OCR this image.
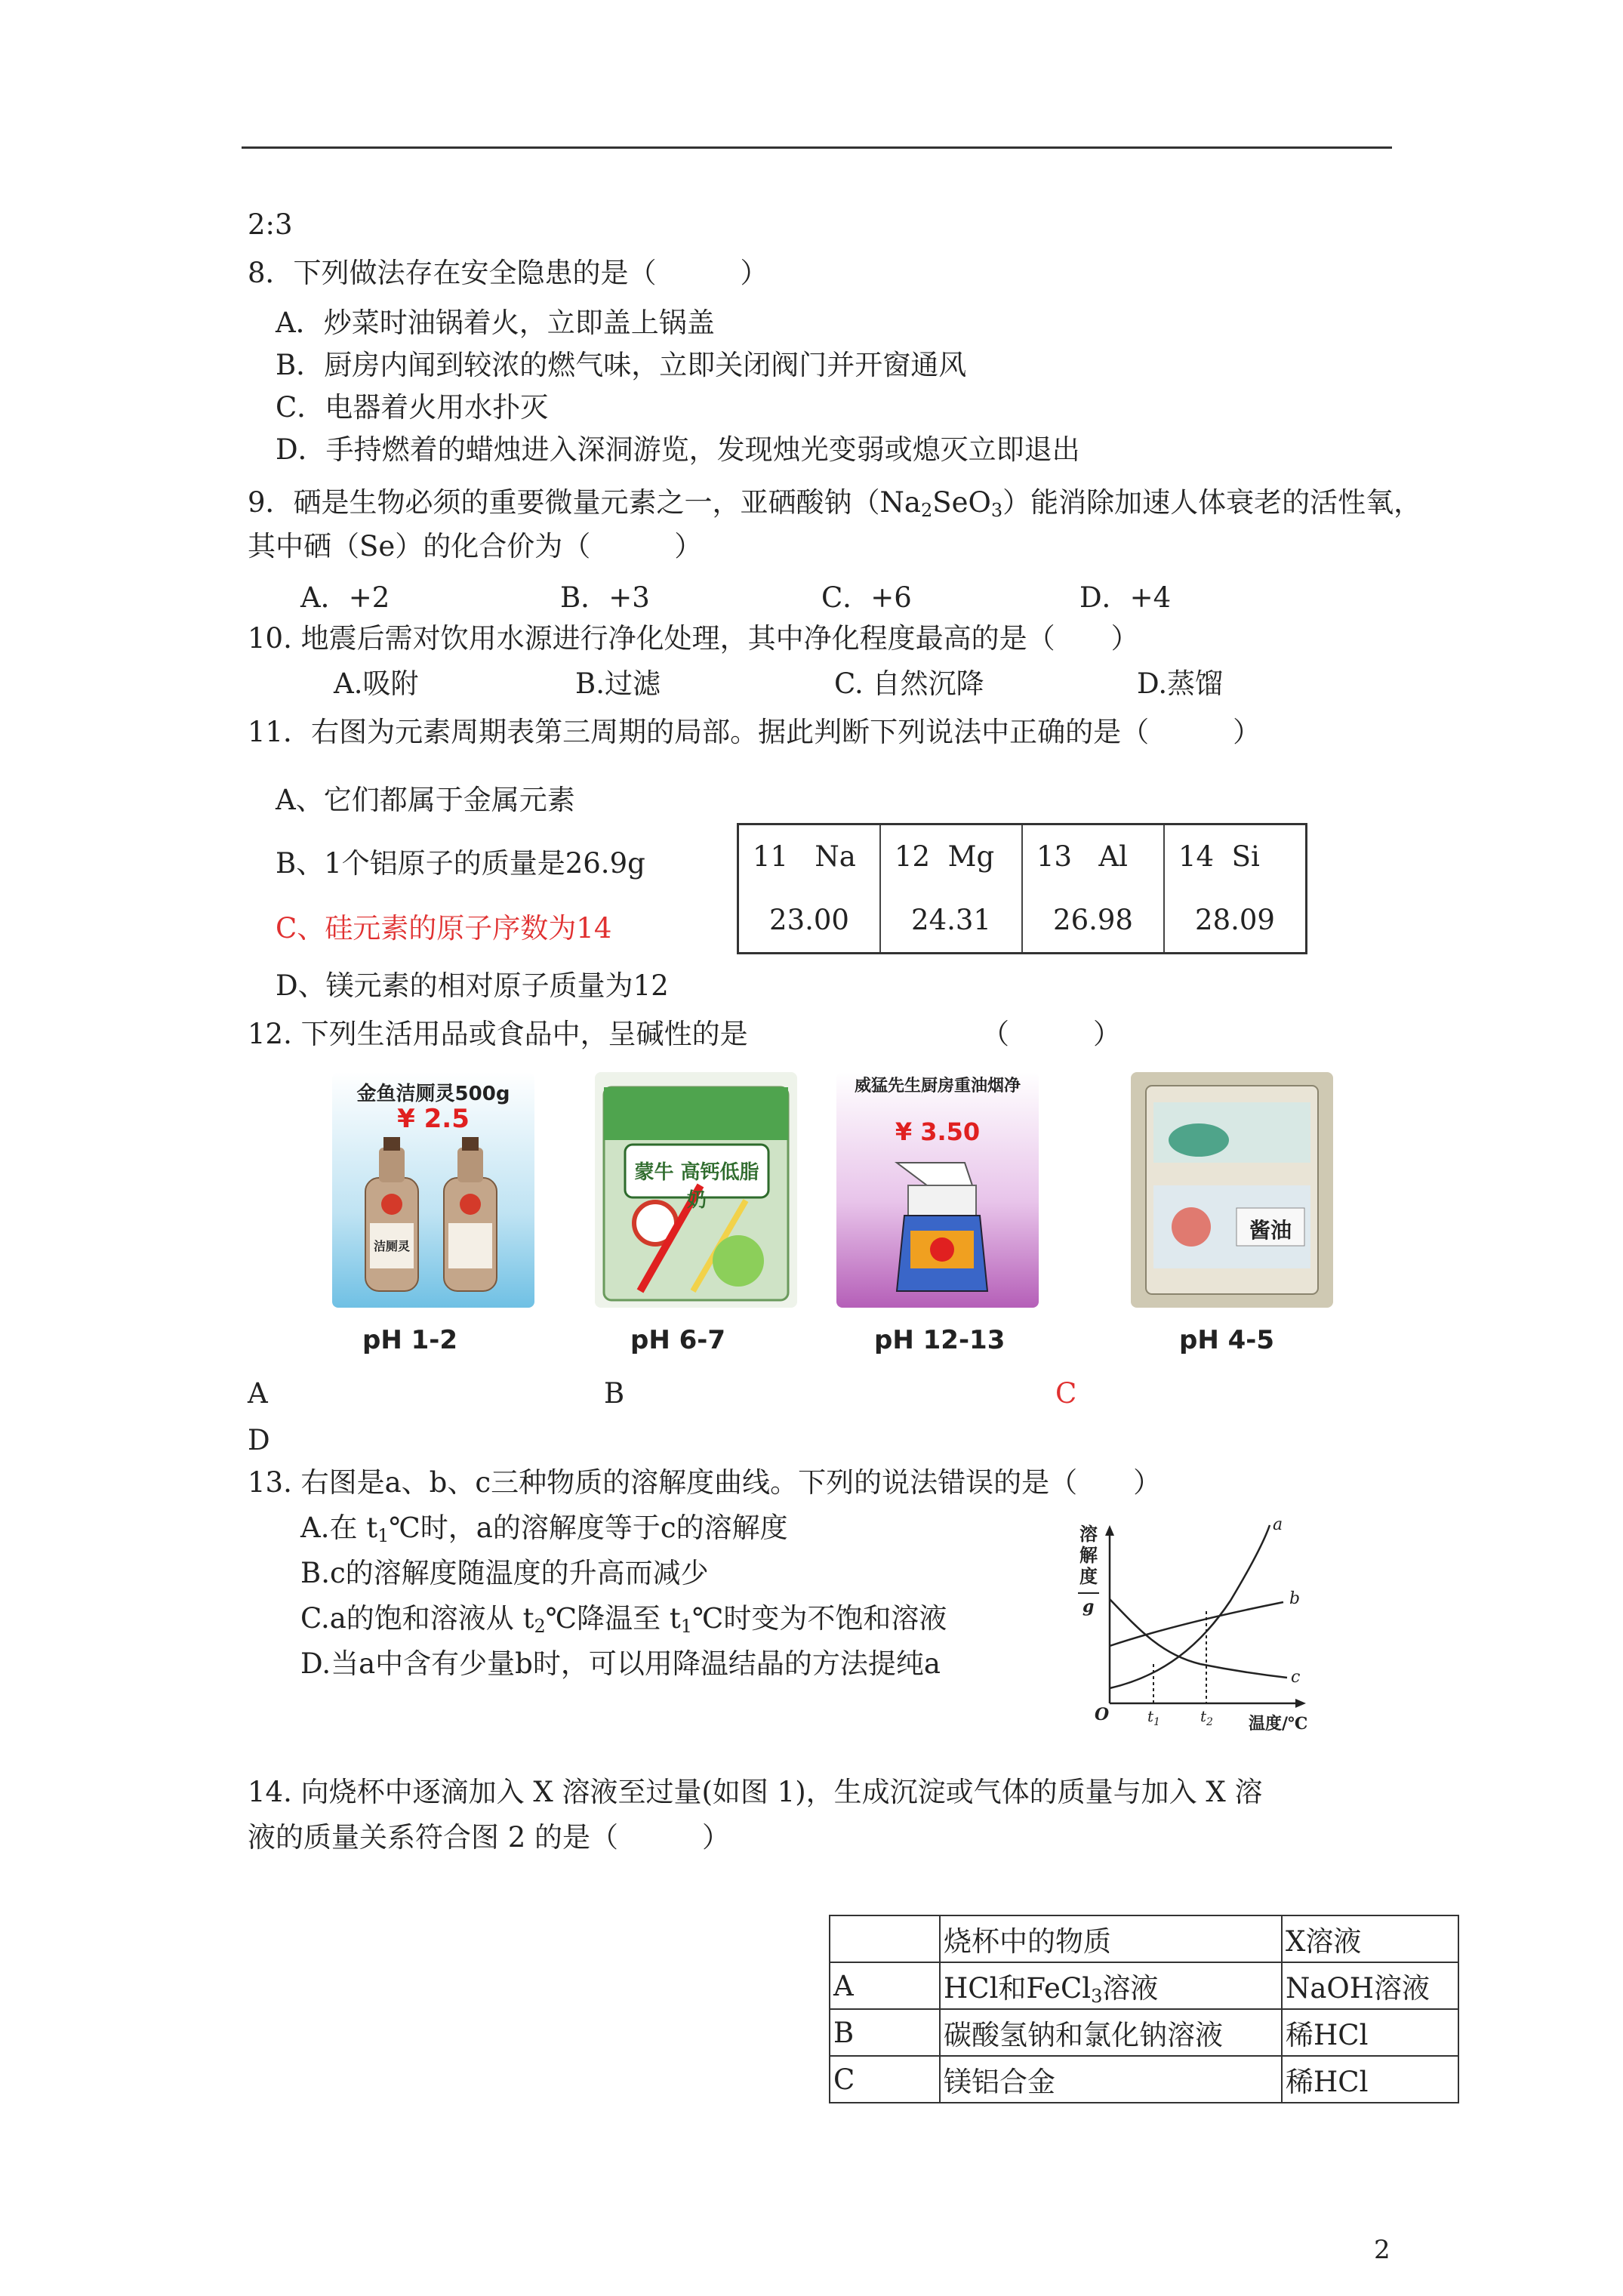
2:3
8．下列做法存在安全隐患的是（　　　）
A．炒菜时油锅着火，立即盖上锅盖
B．厨房内闻到较浓的燃气味，立即关闭阀门并开窗通风
C．电器着火用水扑灭
D．手持燃着的蜡烛进入深洞游览，发现烛光变弱或熄灭立即退出
9．硒是生物必须的重要微量元素之一，亚硒酸钠$(Na_2SeO_3)$能消除加速人体衰老的活性氧，
其中硒（Se）的化合价为（　　　）
A．+2	B．+3	C．+6	D．+4
10. 地震后需对饮用水源进行净化处理，其中净化程度最高的是（　　）
A.吸附	B.过滤	C. 自然沉降	D.蒸馏
11．右图为元素周期表第三周期的局部。据此判断下列说法中正确的是（　　　）
A、它们都属于金属元素
B、1个铝原子的质量是26.9g
C、硅元素的原子序数为14
D、镁元素的相对原子质量为12
11 Na
23.00
12 Mg
24.31
13 Al
26.98
14 Si
28.09
12. 下列生活用品或食品中，呈碱性的是	（　　　）
金鱼洁厕灵500g
¥ 2.5
洁厕灵
蒙牛 高钙低脂奶
威猛先生厨房重油烟净
¥ 3.50
酱油
pH 1-2	pH 6-7	pH 12-13	pH 4-5
A	B	C
D
13. 右图是a、b、c三种物质的溶解度曲线。下列的说法错误的是（　　）
A.在 $t_1℃$时，a的溶解度等于c的溶解度
B.c的溶解度随温度的升高而减少
C.a的饱和溶液从 $t_2℃$降温至 $t_1℃$时变为不饱和溶液
D.当a中含有少量b时，可以用降温结晶的方法提纯a
溶
解
度
g
a
b
c
O	$t_1$	$t_2$ 温度/℃
14. 向烧杯中逐滴加入 X 溶液至过量(如图 1)，生成沉淀或气体的质量与加入 X 溶
液的质量关系符合图 2 的是（　　　）
	烧杯中的物质	X溶液
A	HCl和FeCl$_3$溶液	NaOH溶液
B	碳酸氢钠和氯化钠溶液	稀HCl
C	镁铝合金	稀HCl
2
